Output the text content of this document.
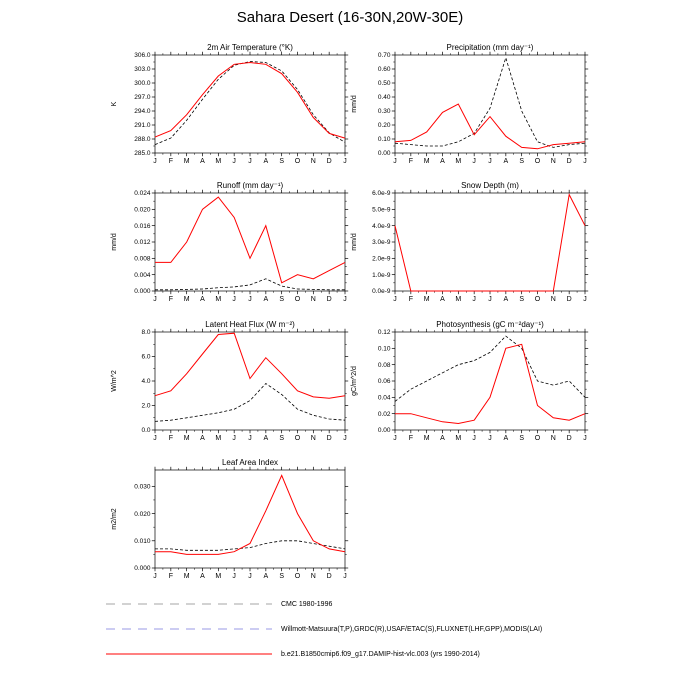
Sahara Desert (16-30N,20W-30E)
2m Air Temperature (°K)
285.0
288.0
291.0
294.0
297.0
300.0
303.0
306.0
J F M A M J J A S O N D J
K
Precipitation (mm day⁻¹)
0.00
0.10
0.20
0.30
0.40
0.50
0.60
0.70
J F M A M J J A S O N D J
mm/d
Runoff (mm day⁻¹)
0.000
0.004
0.008
0.012
0.016
0.020
0.024
J F M A M J J A S O N D J
mm/d
Snow Depth (m)
0.0e-9
1.0e-9
2.0e-9
3.0e-9
4.0e-9
5.0e-9
6.0e-9
J F M A M J J A S O N D J
mm/d
Latent Heat Flux (W m⁻²)
0.0
2.0
4.0
6.0
8.0
J F M A M J J A S O N D J
W/m^2
Photosynthesis (gC m⁻²day⁻¹)
0.00
0.02
0.04
0.06
0.08
0.10
0.12
J F M A M J J A S O N D J
gC/m^2/d
Leaf Area Index
0.000
0.010
0.020
0.030
J F M A M J J A S O N D J
m2/m2
CMC 1980-1996
Willmott-Matsuura(T,P),GRDC(R),USAF/ETAC(S),FLUXNET(LHF,GPP),MODIS(LAI)
b.e21.B1850cmip6.f09_g17.DAMIP-hist-vlc.003 (yrs 1990-2014)
